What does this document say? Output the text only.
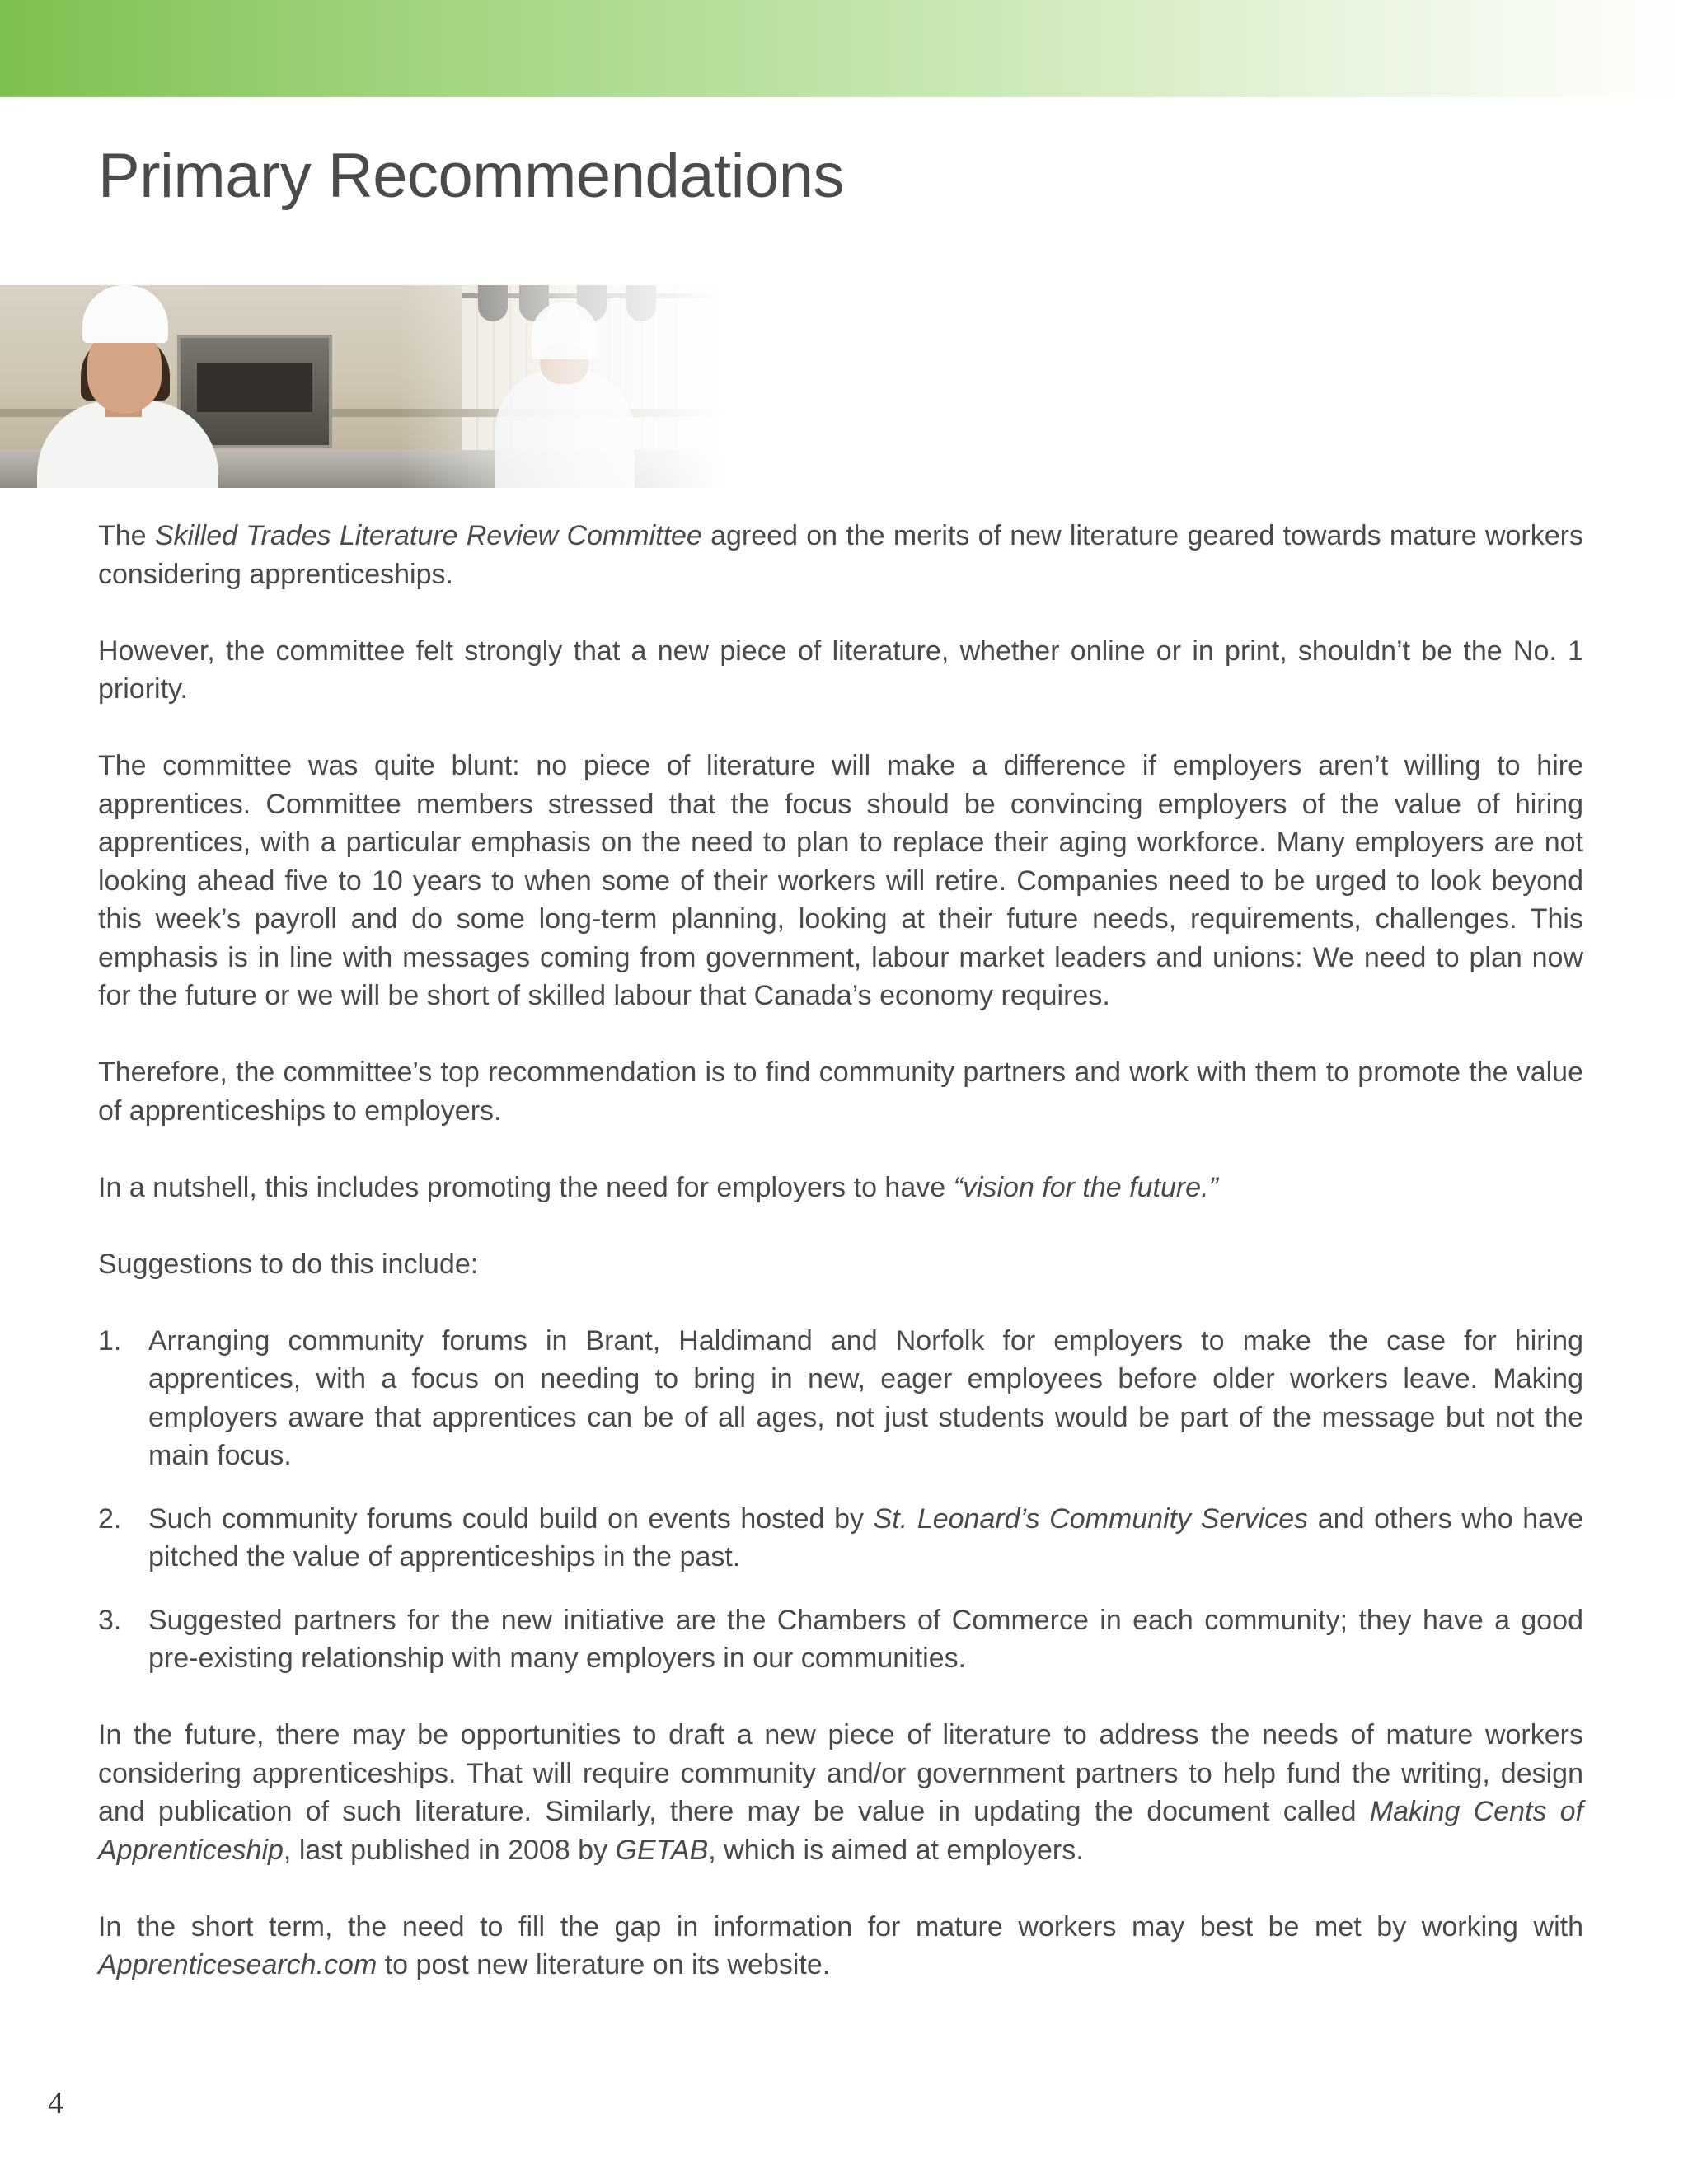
Primary Recommendations

The Skilled Trades Literature Review Committee agreed on the merits of new literature geared towards mature workers considering apprenticeships.

However, the committee felt strongly that a new piece of literature, whether online or in print, shouldn’t be the No. 1 priority.

The committee was quite blunt: no piece of literature will make a difference if employers aren’t willing to hire apprentices. Committee members stressed that the focus should be convincing employers of the value of hiring apprentices, with a particular emphasis on the need to plan to replace their aging workforce. Many employers are not looking ahead five to 10 years to when some of their workers will retire. Companies need to be urged to look beyond this week’s payroll and do some long-term planning, looking at their future needs, requirements, challenges. This emphasis is in line with messages coming from government, labour market leaders and unions: We need to plan now for the future or we will be short of skilled labour that Canada’s economy requires.

Therefore, the committee’s top recommendation is to find community partners and work with them to promote the value of apprenticeships to employers.

In a nutshell, this includes promoting the need for employers to have “vision for the future.”

Suggestions to do this include:

1. Arranging community forums in Brant, Haldimand and Norfolk for employers to make the case for hiring apprentices, with a focus on needing to bring in new, eager employees before older workers leave. Making employers aware that apprentices can be of all ages, not just students would be part of the message but not the main focus.
2. Such community forums could build on events hosted by St. Leonard’s Community Services and others who have pitched the value of apprenticeships in the past.
3. Suggested partners for the new initiative are the Chambers of Commerce in each community; they have a good pre-existing relationship with many employers in our communities.

In the future, there may be opportunities to draft a new piece of literature to address the needs of mature workers considering apprenticeships. That will require community and/or government partners to help fund the writing, design and publication of such literature. Similarly, there may be value in updating the document called Making Cents of Apprenticeship, last published in 2008 by GETAB, which is aimed at employers.

In the short term, the need to fill the gap in information for mature workers may best be met by working with Apprenticesearch.com to post new literature on its website.

4
